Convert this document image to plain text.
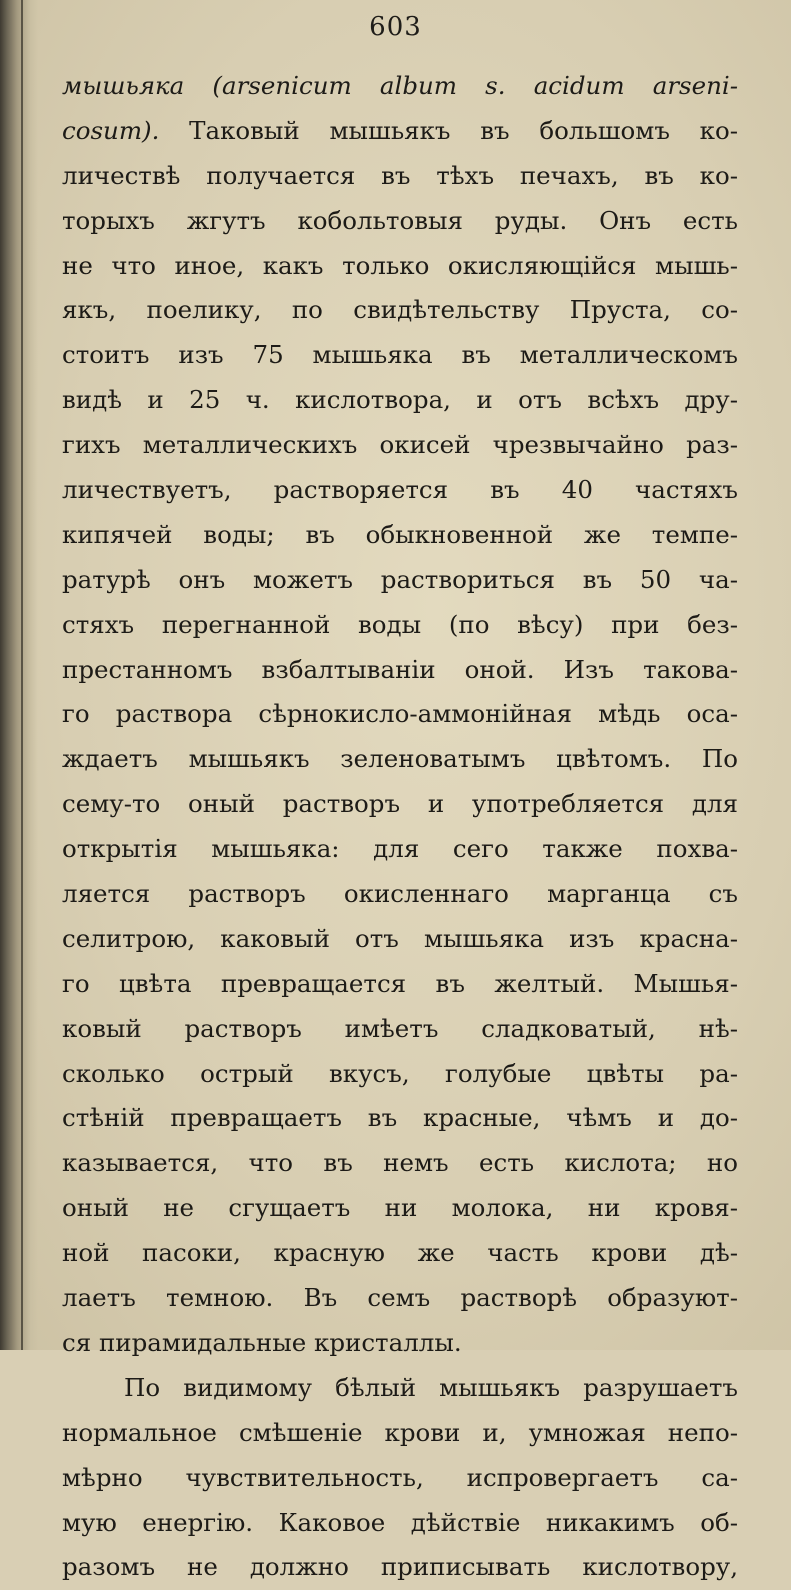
603
мышьяка (arsenicum album s. acidum arseni-
cosum). Таковый мышьякъ въ большомъ ко-
личествѣ получается въ тѣхъ печахъ, въ ко-
торыхъ жгутъ кобольтовыя руды. Онъ есть
не что иное, какъ только окисляющійся мышь-
якъ, поелику, по свидѣтельству Пруста, со-
стоитъ изъ 75 мышьяка въ металлическомъ
видѣ и 25 ч. кислотвора, и отъ всѣхъ дру-
гихъ металлическихъ окисей чрезвычайно раз-
личествуетъ, растворяется въ 40 частяхъ
кипячей воды; въ обыкновенной же темпе-
ратурѣ онъ можетъ раствориться въ 50 ча-
стяхъ перегнанной воды (по вѣсу) при без-
престанномъ взбалтываніи оной. Изъ такова-
го раствора сѣрнокисло-аммонійная мѣдь оса-
ждаетъ мышьякъ зеленоватымъ цвѣтомъ. По
сему-то оный растворъ и употребляется для
открытія мышьяка: для сего также похва-
ляется растворъ окисленнаго марганца съ
селитрою, каковый отъ мышьяка изъ красна-
го цвѣта превращается въ желтый. Мышья-
ковый растворъ имѣетъ сладковатый, нѣ-
сколько острый вкусъ, голубые цвѣты ра-
стѣній превращаетъ въ красные, чѣмъ и до-
казывается, что въ немъ есть кислота; но
оный не сгущаетъ ни молока, ни кровя-
ной пасоки, красную же часть крови дѣ-
лаетъ темною. Въ семъ растворѣ образуют-
ся пирамидальные кристаллы.
По видимому бѣлый мышьякъ разрушаетъ
нормальное смѣшеніе крови и, умножая непо-
мѣрно чувствительность, испровергаетъ са-
мую енергію. Каковое дѣйствіе никакимъ об-
разомъ не должно приписывать кислотвору,
